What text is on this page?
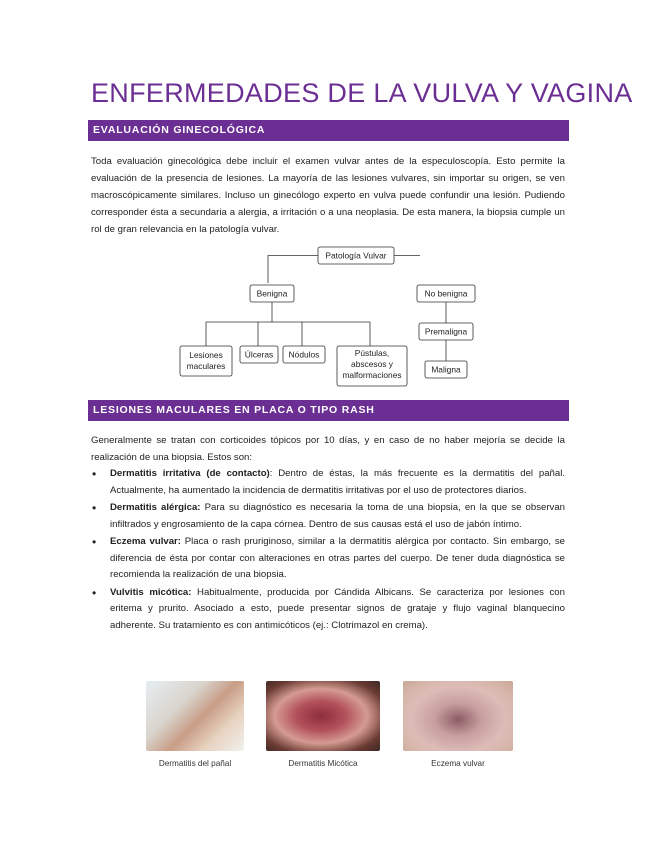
ENFERMEDADES DE LA VULVA Y VAGINA
EVALUACIÓN GINECOLÓGICA
Toda evaluación ginecológica debe incluir el examen vulvar antes de la especuloscopía. Esto permite la evaluación de la presencia de lesiones. La mayoría de las lesiones vulvares, sin importar su origen, se ven macroscópicamente similares. Incluso un ginecólogo experto en vulva puede confundir una lesión. Pudiendo corresponder ésta a secundaria a alergia, a irritación o a una neoplasia. De esta manera, la biopsia cumple un rol de gran relevancia en la patología vulvar.
Patología Vulvar
Benigna
Lesiones
maculares
Úlceras Nódulos	Pústulas,
abscesos y
malformaciones
No benigna
Premaligna
Maligna
LESIONES MACULARES EN PLACA O TIPO RASH
Generalmente se tratan con corticoides tópicos por 10 días, y en caso de no haber mejoría se decide la realización de una biopsia. Estos son:
• Dermatitis irritativa (de contacto): Dentro de éstas, la más frecuente es la dermatitis del pañal. Actualmente, ha aumentado la incidencia de dermatitis irritativas por el uso de protectores diarios.
• Dermatitis alérgica: Para su diagnóstico es necesaria la toma de una biopsia, en la que se observan infiltrados y engrosamiento de la capa córnea. Dentro de sus causas está el uso de jabón íntimo.
• Eczema vulvar: Placa o rash pruriginoso, similar a la dermatitis alérgica por contacto. Sin embargo, se diferencia de ésta por contar con alteraciones en otras partes del cuerpo. De tener duda diagnóstica se recomienda la realización de una biopsia.
• Vulvitis micótica: Habitualmente, producida por Cándida Albicans. Se caracteriza por lesiones con eritema y prurito. Asociado a esto, puede presentar signos de grataje y flujo vaginal blanquecino adherente. Su tratamiento es con antimicóticos (ej.: Clotrimazol en crema).
Dermatitis del pañal	Dermatitis Micótica	Eczema vulvar
